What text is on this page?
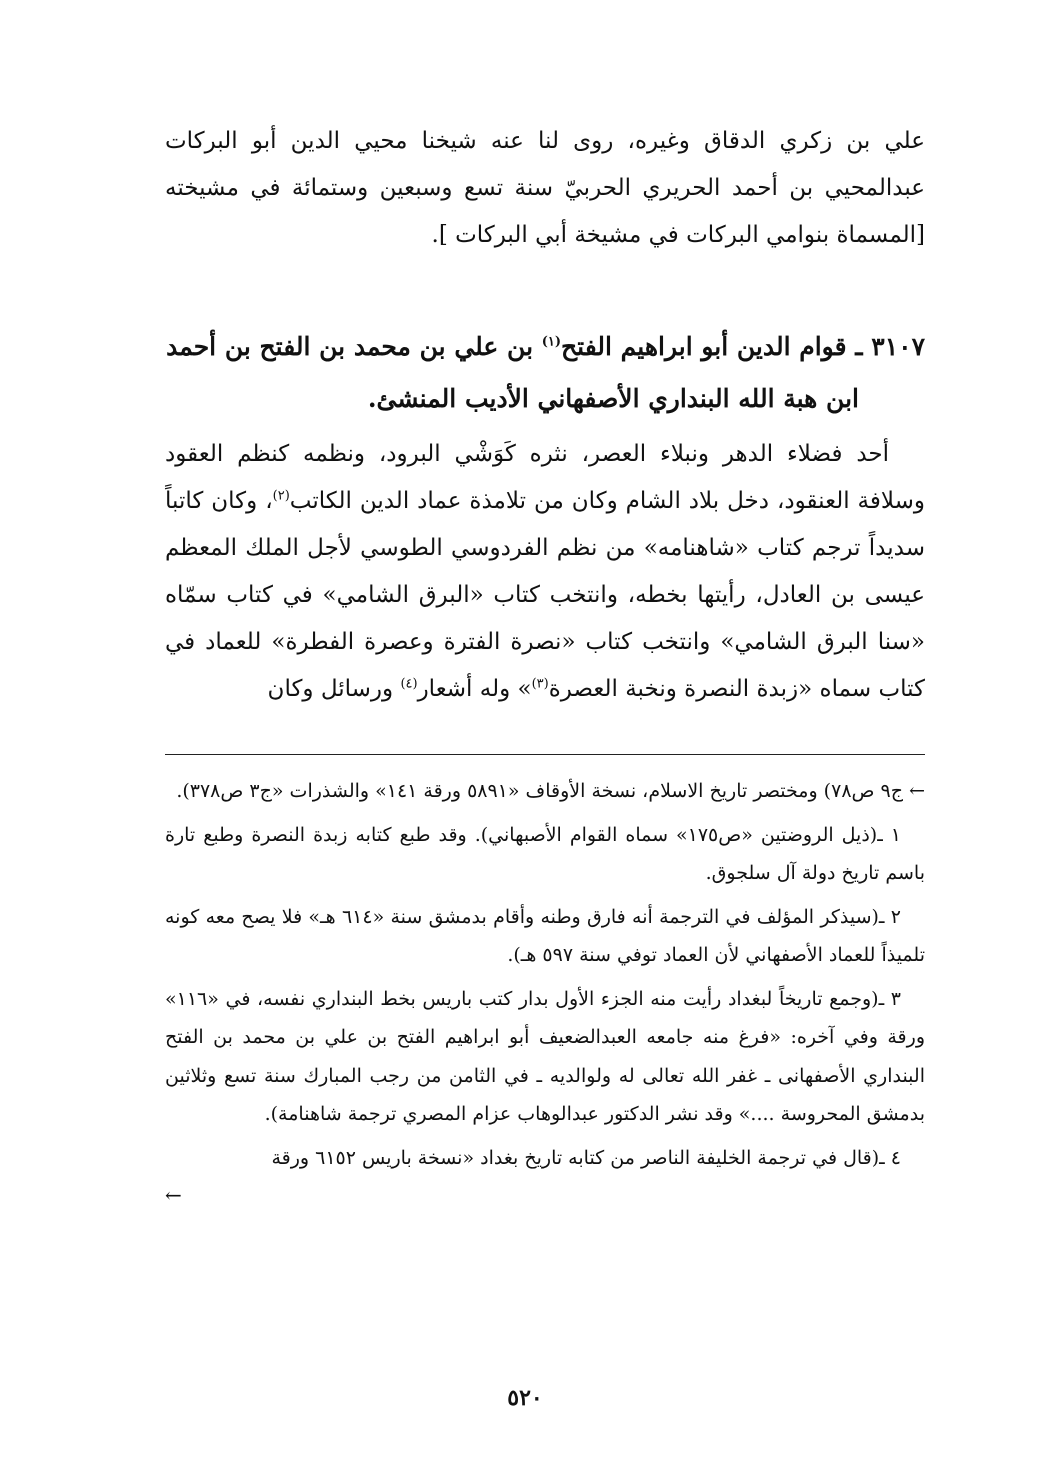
علي بن زكري الدقاق وغيره، روى لنا عنه شيخنا محيي الدين أبو البركات عبدالمحيي بن أحمد الحريري الحربيّ سنة تسع وسبعين وستمائة في مشيخته [المسماة بنوامي البركات في مشيخة أبي البركات ].

٣١٠٧ ـ قوام الدين أبو ابراهيم الفتح$^{(١)}$ بن علي بن محمد بن الفتح بن أحمد
ابن هبة الله البنداري الأصفهاني الأديب المنشئ.

أحد فضلاء الدهر ونبلاء العصر، نثره كَوَشْي البرود، ونظمه كنظم العقود وسلافة العنقود، دخل بلاد الشام وكان من تلامذة عماد الدين الكاتب$^{(٢)}$، وكان كاتباً سديداً ترجم كتاب «شاهنامه» من نظم الفردوسي الطوسي لأجل الملك المعظم عيسى بن العادل، رأيتها بخطه، وانتخب كتاب «البرق الشامي» في كتاب سمّاه «سنا البرق الشامي» وانتخب كتاب «نصرة الفترة وعصرة الفطرة» للعماد في كتاب سماه «زبدة النصرة ونخبة العصرة$^{(٣)}$» وله أشعار$^{(٤)}$ ورسائل وكان

← ج٩ ص٧٨) ومختصر تاريخ الاسلام، نسخة الأوقاف «٥٨٩١ ورقة ١٤١» والشذرات «ج٣ ص٣٧٨).

١ ـ(ذيل الروضتين «ص١٧٥» سماه القوام الأصبهاني). وقد طبع كتابه زبدة النصرة وطبع تارة باسم تاريخ دولة آل سلجوق.

٢ ـ(سيذكر المؤلف في الترجمة أنه فارق وطنه وأقام بدمشق سنة «٦١٤ هـ» فلا يصح معه كونه تلميذاً للعماد الأصفهاني لأن العماد توفي سنة ٥٩٧ هـ).

٣ ـ(وجمع تاريخاً لبغداد رأيت منه الجزء الأول بدار كتب باريس بخط البنداري نفسه، في «١١٦» ورقة وفي آخره: «فرغ منه جامعه العبدالضعيف أبو ابراهيم الفتح بن علي بن محمد بن الفتح البنداري الأصفهانى ـ غفر الله تعالى له ولوالديه ـ في الثامن من رجب المبارك سنة تسع وثلاثين بدمشق المحروسة ....» وقد نشر الدكتور عبدالوهاب عزام المصري ترجمة شاهنامة).

٤ ـ(قال في ترجمة الخليفة الناصر من كتابه تاريخ بغداد «نسخة باريس ٦١٥٢ ورقة

←
٥٢٠
